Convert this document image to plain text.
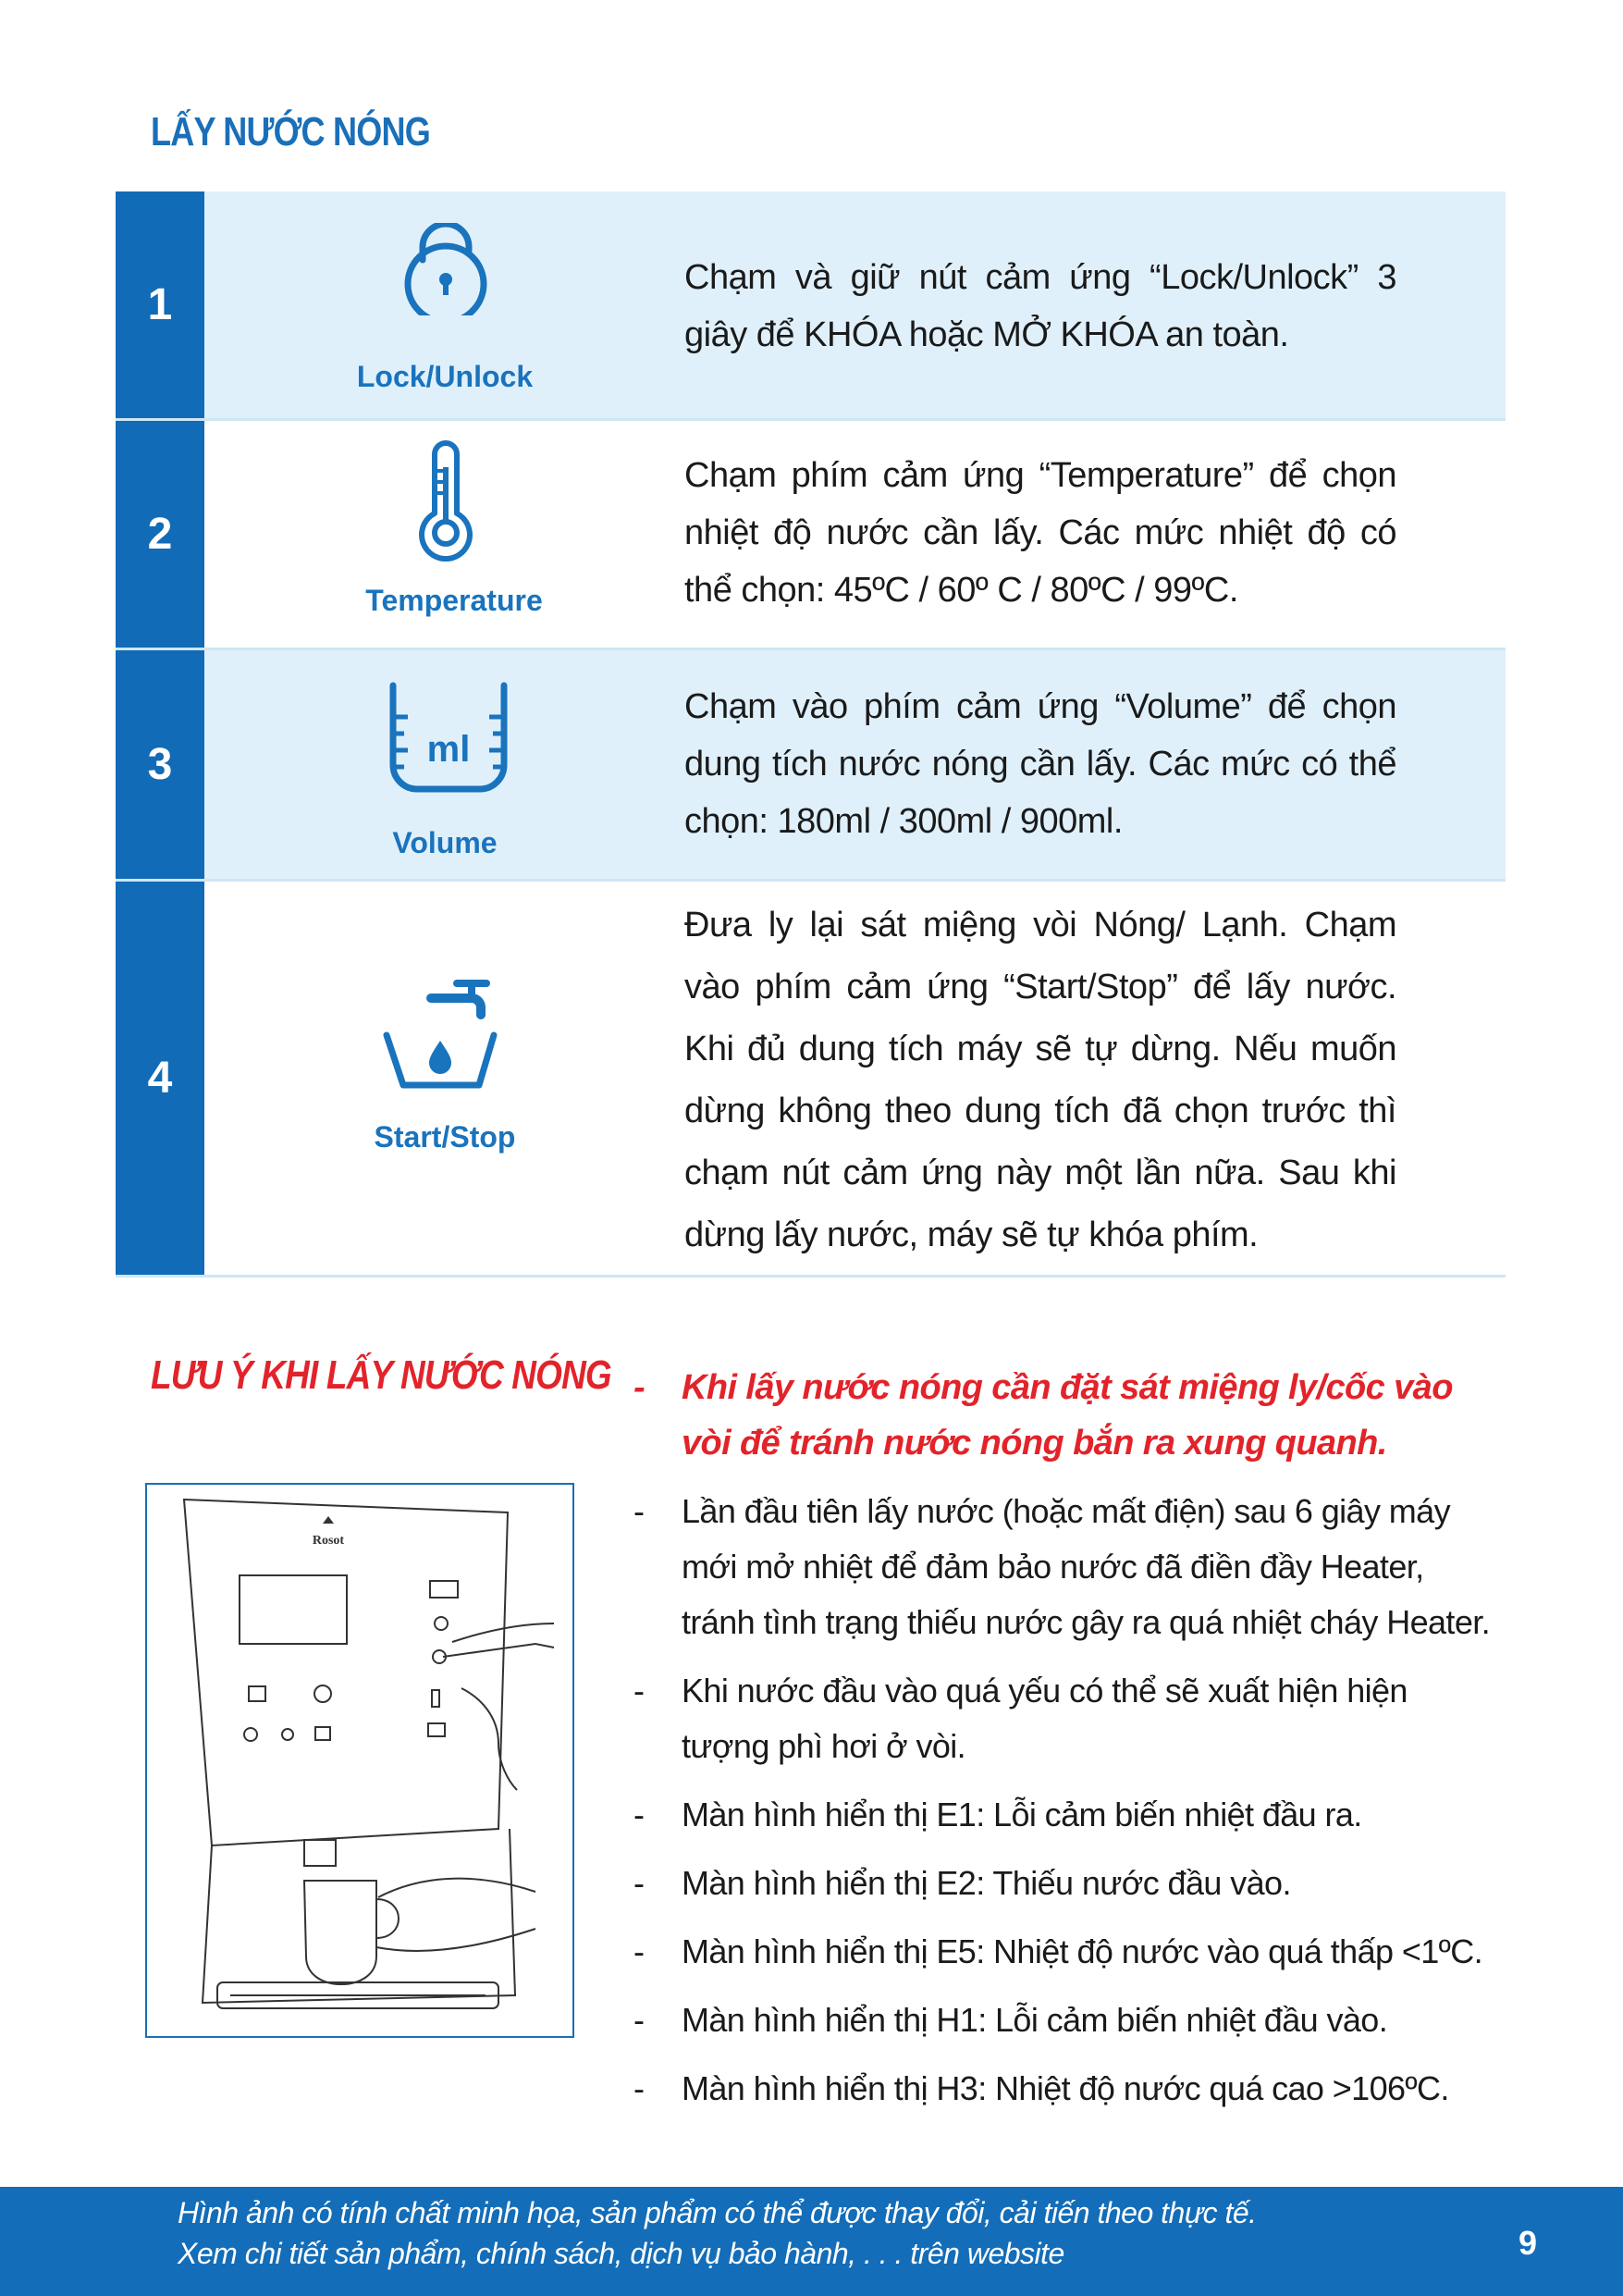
LẤY NƯỚC NÓNG
1
Lock/Unlock
Chạm và giữ nút cảm ứng “Lock/Unlock” 3 giây để KHÓA hoặc MỞ KHÓA an toàn.
2
Temperature
Chạm phím cảm ứng “Temperature” để chọn nhiệt độ nước cần lấy. Các mức nhiệt độ có thể chọn: 45ºC / 60º C / 80ºC / 99ºC.
3	ml
Volume
Chạm vào phím cảm ứng “Volume” để chọn dung tích nước nóng cần lấy. Các mức có thể chọn: 180ml / 300ml / 900ml.
4
Start/Stop
Đưa ly lại sát miệng vòi Nóng/ Lạnh. Chạm vào phím cảm ứng “Start/Stop” để lấy nước. Khi đủ dung tích máy sẽ tự dừng. Nếu muốn dừng không theo dung tích đã chọn trước thì chạm nút cảm ứng này một lần nữa. Sau khi dừng lấy nước, máy sẽ tự khóa phím.
LƯU Ý KHI LẤY NƯỚC NÓNG
Rosot
- Khi lấy nước nóng cần đặt sát miệng ly/cốc vào vòi để tránh nước nóng bắn ra xung quanh.
- Lần đầu tiên lấy nước (hoặc mất điện) sau 6 giây máy mới mở nhiệt để đảm bảo nước đã điền đầy Heater, tránh tình trạng thiếu nước gây ra quá nhiệt cháy Heater.
- Khi nước đầu vào quá yếu có thể sẽ xuất hiện hiện tượng phì hơi ở vòi.
- Màn hình hiển thị E1: Lỗi cảm biến nhiệt đầu ra.
- Màn hình hiển thị E2: Thiếu nước đầu vào.
- Màn hình hiển thị E5: Nhiệt độ nước vào quá thấp <1ºC.
- Màn hình hiển thị H1: Lỗi cảm biến nhiệt đầu vào.
- Màn hình hiển thị H3: Nhiệt độ nước quá cao >106ºC.
Hình ảnh có tính chất minh họa, sản phẩm có thể được thay đổi, cải tiến theo thực tế.
Xem chi tiết sản phẩm, chính sách, dịch vụ bảo hành, . . . trên website	9
